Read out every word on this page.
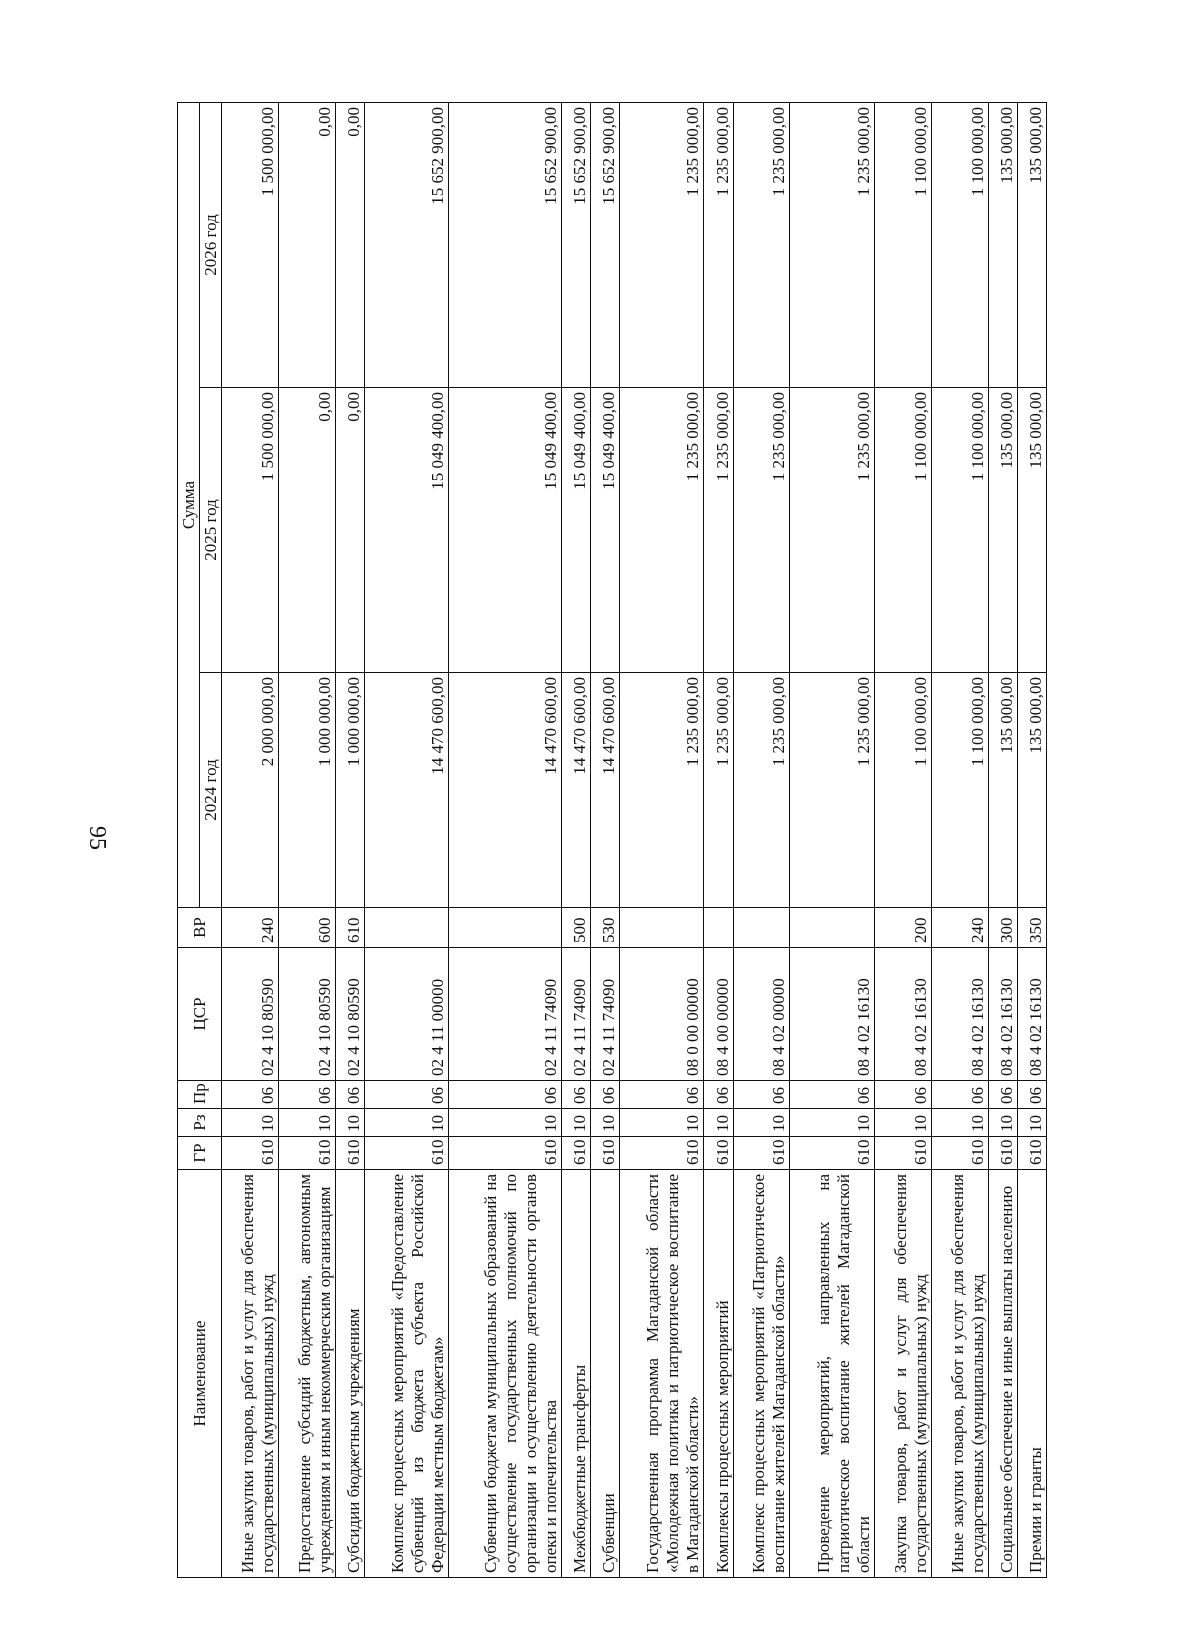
95
Наименование	ГР	Рз	Пр	ЦСР	ВР	Сумма		
						2024 год	2025 год	2026 год
Иные закупки товаров, работ и услуг для обеспечения государственных (муниципальных) нужд	610	10	06	02 4 10 80590	240	2 000 000,00	1 500 000,00	1 500 000,00
Предоставление субсидий бюджетным, автономным учреждениям и иным некоммерческим организациям	610	10	06	02 4 10 80590	600	1 000 000,00	0,00	0,00
Субсидии бюджетным учреждениям	610	10	06	02 4 10 80590	610	1 000 000,00	0,00	0,00
Комплекс процессных мероприятий «Предоставление субвенций из бюджета субъекта Российской Федерации местным бюджетам»	610	10	06	02 4 11 00000		14 470 600,00	15 049 400,00	15 652 900,00
Субвенции бюджетам муниципальных образований на осуществление государственных полномочий по организации и осуществлению деятельности органов опеки и попечительства	610	10	06	02 4 11 74090		14 470 600,00	15 049 400,00	15 652 900,00
Межбюджетные трансферты	610	10	06	02 4 11 74090	500	14 470 600,00	15 049 400,00	15 652 900,00
Субвенции	610	10	06	02 4 11 74090	530	14 470 600,00	15 049 400,00	15 652 900,00
Государственная программа Магаданской области «Молодежная политика и патриотическое воспитание в Магаданской области»	610	10	06	08 0 00 00000		1 235 000,00	1 235 000,00	1 235 000,00
Комплексы процессных мероприятий	610	10	06	08 4 00 00000		1 235 000,00	1 235 000,00	1 235 000,00
Комплекс процессных мероприятий «Патриотическое воспитание жителей Магаданской области»	610	10	06	08 4 02 00000		1 235 000,00	1 235 000,00	1 235 000,00
Проведение мероприятий, направленных на патриотическое воспитание жителей Магаданской области	610	10	06	08 4 02 16130		1 235 000,00	1 235 000,00	1 235 000,00
Закупка товаров, работ и услуг для обеспечения государственных (муниципальных) нужд	610	10	06	08 4 02 16130	200	1 100 000,00	1 100 000,00	1 100 000,00
Иные закупки товаров, работ и услуг для обеспечения государственных (муниципальных) нужд	610	10	06	08 4 02 16130	240	1 100 000,00	1 100 000,00	1 100 000,00
Социальное обеспечение и иные выплаты населению	610	10	06	08 4 02 16130	300	135 000,00	135 000,00	135 000,00
Премии и гранты	610	10	06	08 4 02 16130	350	135 000,00	135 000,00	135 000,00
